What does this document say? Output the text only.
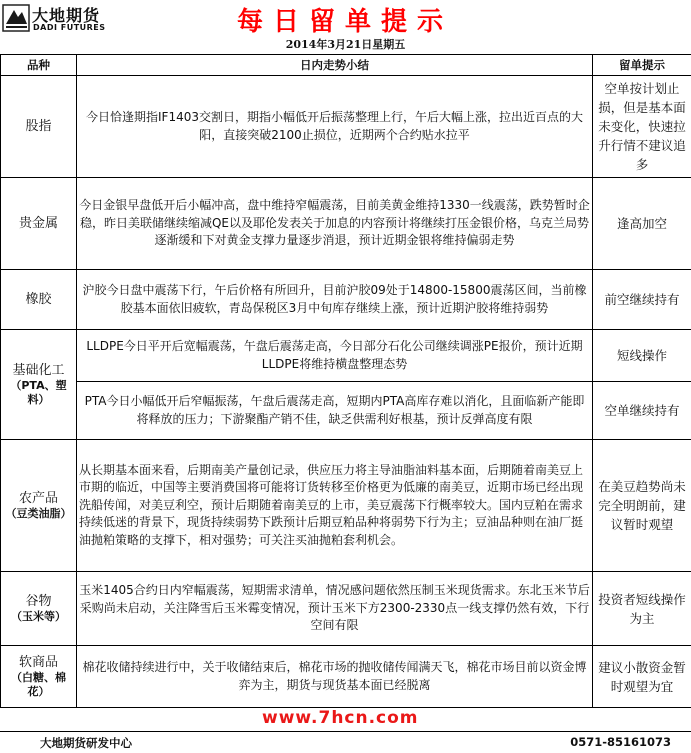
大地期货
DADI FUTURES	每日留单提示
2014年3月21日星期五
品种	日内走势小结	留单提示
股指	今日恰逢期指IF1403交割日，期指小幅低开后振荡整理上行，午后大幅上涨，拉出近百点的大阳，直接突破2100止损位，近期两个合约贴水拉平	空单按计划止损，但是基本面未变化，快速拉升行情不建议追多
贵金属	今日金银早盘低开后小幅冲高，盘中维持窄幅震荡，目前美黄金维持1330一线震荡，跌势暂时企稳，昨日美联储继续缩减QE以及耶伦发表关于加息的内容预计将继续打压金银价格，乌克兰局势逐渐缓和下对黄金支撑力量逐步消退，预计近期金银将维持偏弱走势	逢高加空
橡胶	沪胶今日盘中震荡下行，午后价格有所回升，目前沪胶09处于14800-15800震荡区间，当前橡胶基本面依旧疲软，青岛保税区3月中旬库存继续上涨，预计近期沪胶将维持弱势	前空继续持有
基础化工
（PTA、塑料）	LLDPE今日平开后宽幅震荡，午盘后震荡走高，今日部分石化公司继续调涨PE报价，预计近期LLDPE将维持横盘整理态势	短线操作
	PTA今日小幅低开后窄幅振荡，午盘后震荡走高，短期内PTA高库存难以消化，且面临新产能即将释放的压力；下游聚酯产销不佳，缺乏供需利好根基，预计反弹高度有限	空单继续持有
农产品
（豆类油脂）	从长期基本面来看，后期南美产量创记录，供应压力将主导油脂油料基本面，后期随着南美豆上市期的临近，中国等主要消费国将可能将订货转移至价格更为低廉的南美豆，近期市场已经出现洗船传闻，对美豆利空，预计后期随着南美豆的上市，美豆震荡下行概率较大。国内豆粕在需求持续低迷的背景下，现货持续弱势下跌预计后期豆粕品种将弱势下行为主；豆油品种则在油厂挺油抛粕策略的支撑下，相对强势；可关注买油抛粕套利机会。	在美豆趋势尚未完全明朗前，建议暂时观望
谷物
（玉米等）	玉米1405合约日内窄幅震荡，短期需求清单，情况感问题依然压制玉米现货需求。东北玉米节后采购尚未启动，关注降雪后玉米霉变情况，预计玉米下方2300-2330点一线支撑仍然有效，下行空间有限	投资者短线操作为主
软商品
（白糖、棉花）	棉花收储持续进行中，关于收储结束后，棉花市场的抛收储传闻满天飞，棉花市场目前以资金博弈为主，期货与现货基本面已经脱离	建议小散资金暂时观望为宜
www.7hcn.com
大地期货研发中心	0571-85161073
